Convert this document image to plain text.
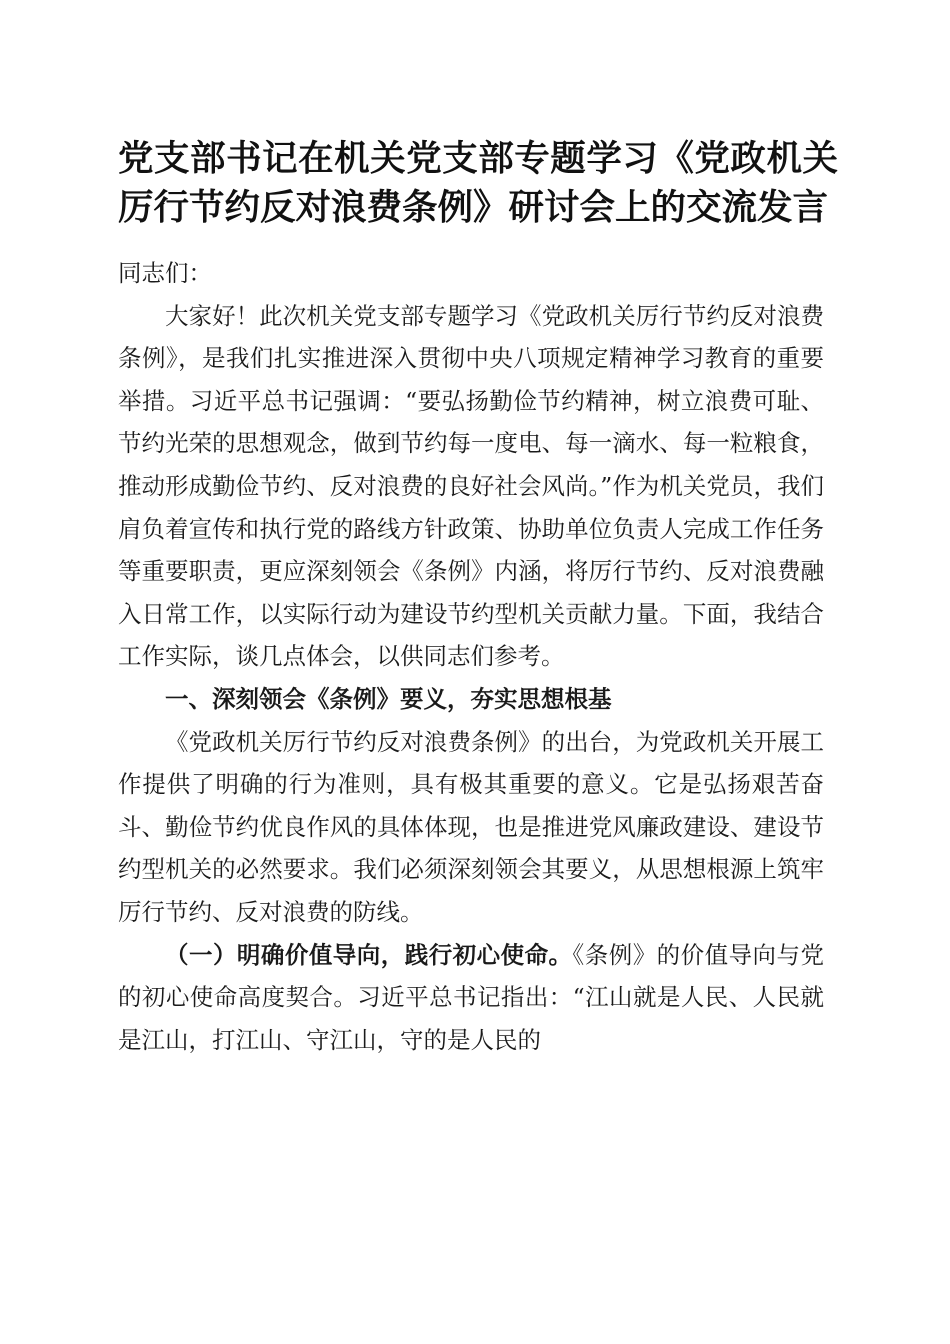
党支部书记在机关党支部专题学习《党政机关厉行节约反对浪费条例》研讨会上的交流发言

同志们：

大家好！此次机关党支部专题学习《党政机关厉行节约反对浪费条例》，是我们扎实推进深入贯彻中央八项规定精神学习教育的重要举措。习近平总书记强调：“要弘扬勤俭节约精神，树立浪费可耻、节约光荣的思想观念，做到节约每一度电、每一滴水、每一粒粮食，推动形成勤俭节约、反对浪费的良好社会风尚。”作为机关党员，我们肩负着宣传和执行党的路线方针政策、协助单位负责人完成工作任务等重要职责，更应深刻领会《条例》内涵，将厉行节约、反对浪费融入日常工作，以实际行动为建设节约型机关贡献力量。下面，我结合工作实际，谈几点体会，以供同志们参考。

一、深刻领会《条例》要义，夯实思想根基

《党政机关厉行节约反对浪费条例》的出台，为党政机关开展工作提供了明确的行为准则，具有极其重要的意义。它是弘扬艰苦奋斗、勤俭节约优良作风的具体体现，也是推进党风廉政建设、建设节约型机关的必然要求。我们必须深刻领会其要义，从思想根源上筑牢厉行节约、反对浪费的防线。

（一）明确价值导向，践行初心使命。《条例》的价值导向与党的初心使命高度契合。习近平总书记指出：“江山就是人民、人民就是江山，打江山、守江山，守的是人民的
